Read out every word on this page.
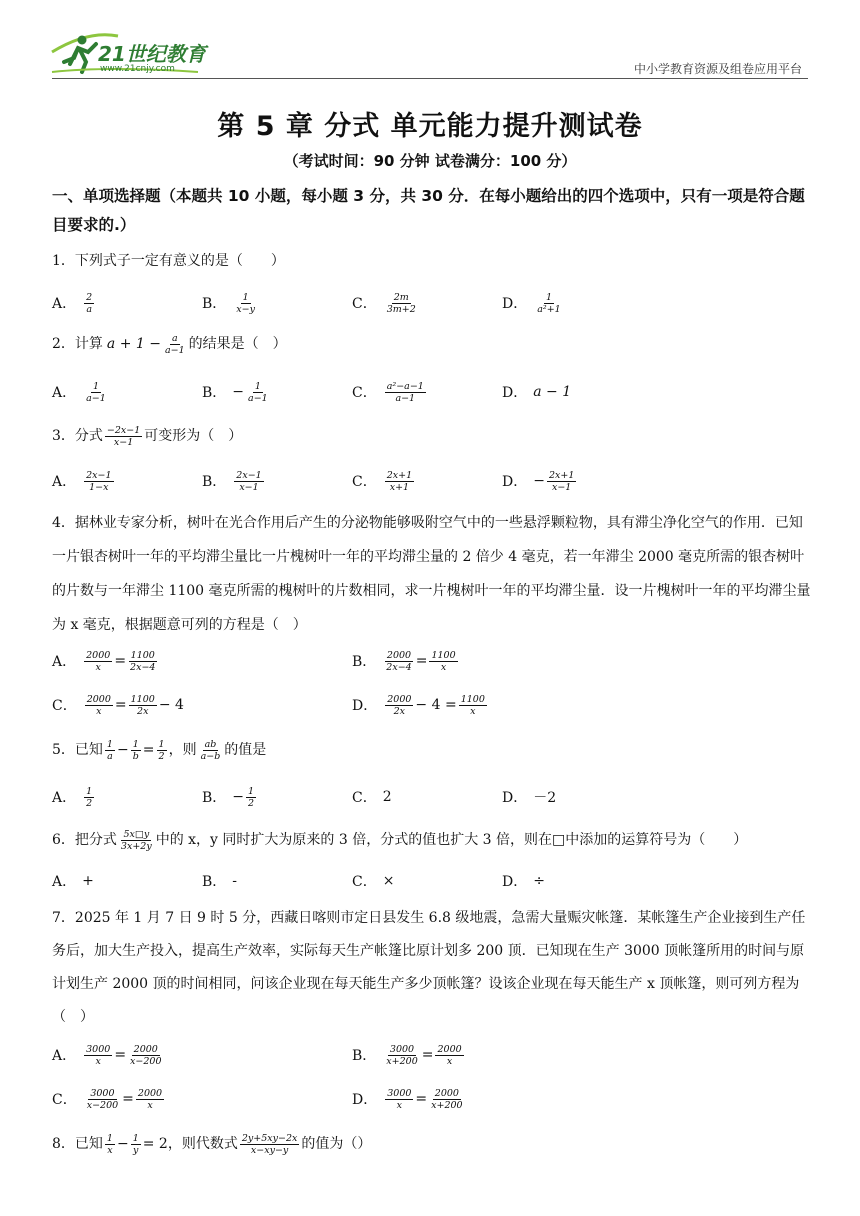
21世纪教育
www.21cnjy.com	中小学教育资源及组卷应用平台
第 5 章 分式 单元能力提升测试卷
（考试时间：90 分钟 试卷满分：100 分）
一、单项选择题（本题共 10 小题，每小题 3 分，共 30 分．在每小题给出的四个选项中，只有一项是符合题目要求的.）
1．下列式子一定有意义的是（　　）
A． $\frac{2}{a}$	B． $\frac{1}{x-y}$	C． $\frac{2m}{3m+2}$	D． $\frac{1}{\text{a²+1}}$
2．计算 $a + 1 - \frac{a}{a-1}$ 的结果是（　）
A． $\frac{1}{a-1}$	B． − $\frac{1}{a-1}$	C． $\frac{\text{a²−a−1}}{a-1}$	D． a − 1
3．分式 $\frac{-2x-1}{x-1}$ 可变形为（　）
A． $\frac{2x-1}{1-x}$	B． $\frac{2x-1}{x-1}$	C． $\frac{2x+1}{x+1}$	D． − $\frac{2x+1}{x-1}$
4．据林业专家分析，树叶在光合作用后产生的分泌物能够吸附空气中的一些悬浮颗粒物，具有滞尘净化空气的作用．已知一片银杏树叶一年的平均滞尘量比一片槐树叶一年的平均滞尘量的 2 倍少 4 毫克，若一年滞尘 2000 毫克所需的银杏树叶的片数与一年滞尘 1100 毫克所需的槐树叶的片数相同，求一片槐树叶一年的平均滞尘量．设一片槐树叶一年的平均滞尘量为 x 毫克，根据题意可列的方程是（　）
A． $\frac{2000}{x} = \frac{1100}{2x-4}$	B． $\frac{2000}{2x-4} = \frac{1100}{x}$
C． $\frac{2000}{x} = \frac{1100}{2x} - 4$	D． $\frac{2000}{2x} - 4 = \frac{1100}{x}$
5．已知 $\frac{1}{a} - \frac{1}{b} = \frac{1}{2}$ ，则 $\frac{ab}{a-b}$ 的值是
A． $\frac{1}{2}$	B． − $\frac{1}{2}$	C． 2	D． －2
6．把分式 $\frac{5x□y}{3x+2y}$ 中的 x，y 同时扩大为原来的 3 倍，分式的值也扩大 3 倍，则在□中添加的运算符号为（　　）
A． +	B． -	C． ×	D． ÷
7．2025 年 1 月 7 日 9 时 5 分，西藏日喀则市定日县发生 6.8 级地震，急需大量赈灾帐篷．某帐篷生产企业接到生产任务后，加大生产投入，提高生产效率，实际每天生产帐篷比原计划多 200 顶．已知现在生产 3000 顶帐篷所用的时间与原计划生产 2000 顶的时间相同，问该企业现在每天能生产多少顶帐篷？设该企业现在每天能生产 x 顶帐篷，则可列方程为（　）
A． $\frac{3000}{x} = \frac{2000}{x-200}$	B． $\frac{3000}{x+200} = \frac{2000}{x}$
C． $\frac{3000}{x-200} = \frac{2000}{x}$	D． $\frac{3000}{x} = \frac{2000}{x+200}$
8．已知 $\frac{1}{x} - \frac{1}{y} = 2$，则代数式 $\frac{2y+5xy-2x}{x-xy-y}$ 的值为（）
